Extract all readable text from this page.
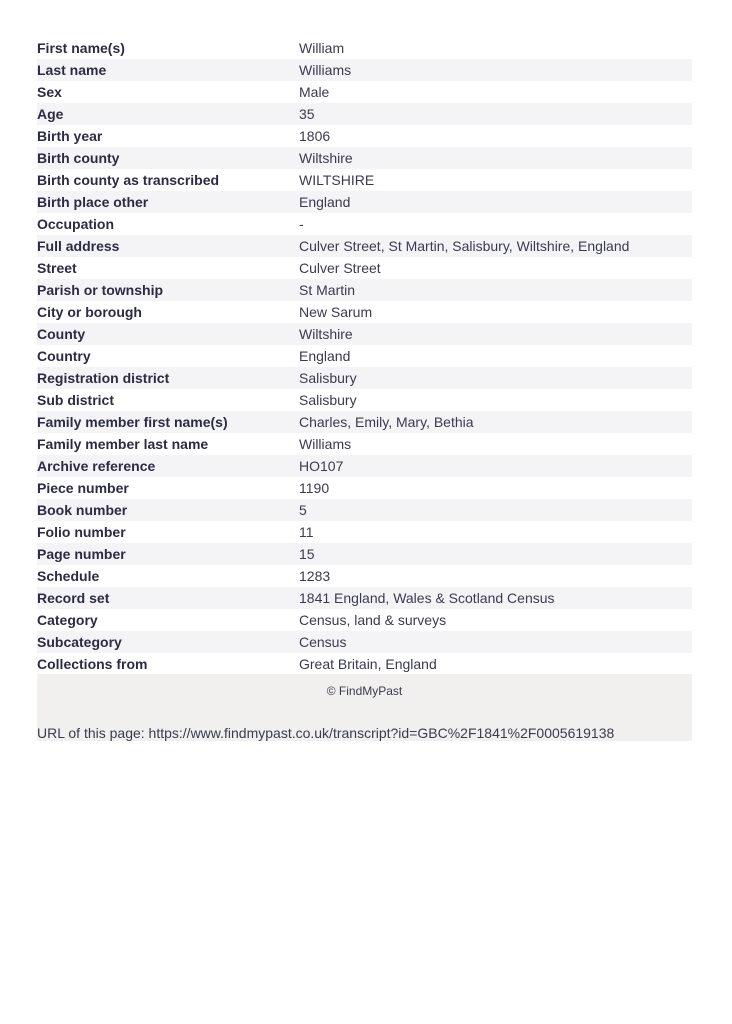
First name(s)	William
Last name	Williams
Sex	Male
Age	35
Birth year	1806
Birth county	Wiltshire
Birth county as transcribed	WILTSHIRE
Birth place other	England
Occupation	-
Full address	Culver Street, St Martin, Salisbury, Wiltshire, England
Street	Culver Street
Parish or township	St Martin
City or borough	New Sarum
County	Wiltshire
Country	England
Registration district	Salisbury
Sub district	Salisbury
Family member first name(s)	Charles, Emily, Mary, Bethia
Family member last name	Williams
Archive reference	HO107
Piece number	1190
Book number	5
Folio number	11
Page number	15
Schedule	1283
Record set	1841 England, Wales & Scotland Census
Category	Census, land & surveys
Subcategory	Census
Collections from	Great Britain, England
© FindMyPast
URL of this page: https://www.findmypast.co.uk/transcript?id=GBC%2F1841%2F0005619138
